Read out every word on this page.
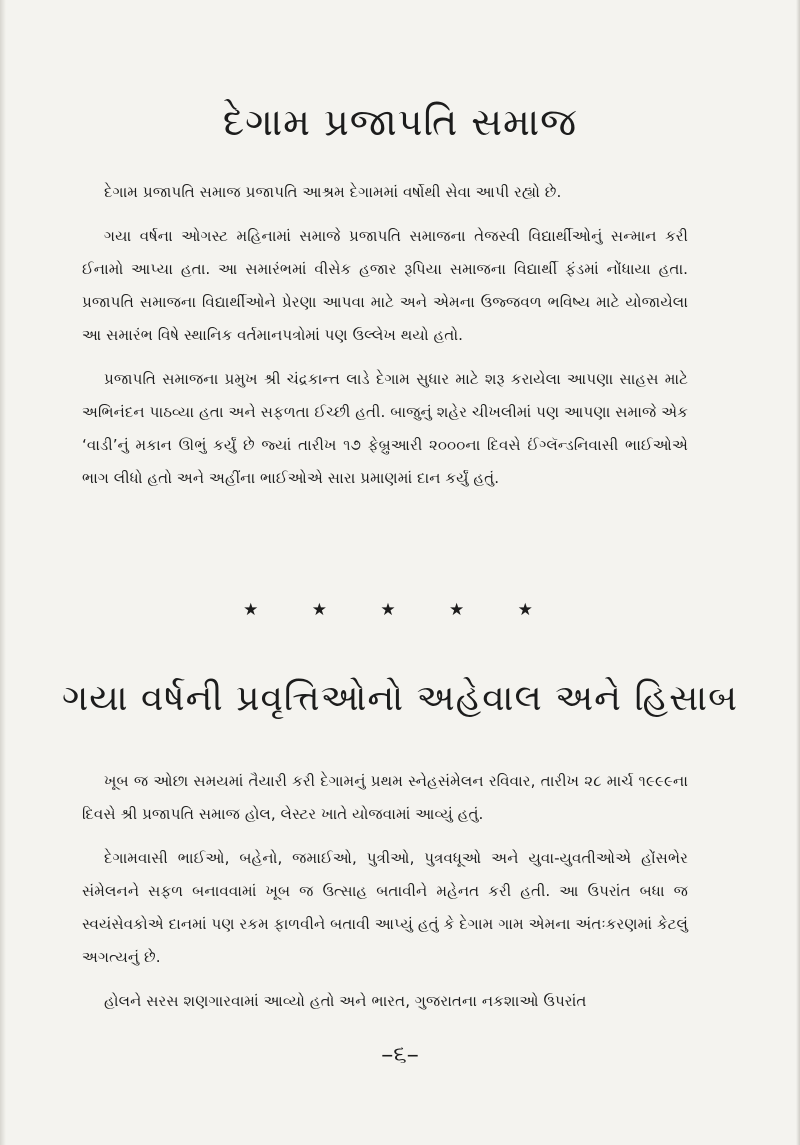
દેગામ પ્રજાપતિ સમાજ

દેગામ પ્રજાપતિ સમાજ પ્રજાપતિ આશ્રમ દેગામમાં વર્ષોથી સેવા આપી રહ્યો છે.

ગયા વર્ષના ઓગસ્ટ મહિનામાં સમાજે પ્રજાપતિ સમાજના તેજસ્વી વિદ્યાર્થીઓનું સન્માન કરી ઈનામો આપ્યા હતા. આ સમારંભમાં વીસેક હજાર રૂપિયા સમાજના વિદ્યાર્થી ફંડમાં નોંધાયા હતા. પ્રજાપતિ સમાજના વિદ્યાર્થીઓને પ્રેરણા આપવા માટે અને એમના ઉજ્જવળ ભવિષ્ય માટે યોજાયેલા આ સમારંભ વિષે સ્થાનિક વર્તમાનપત્રોમાં પણ ઉલ્લેખ થયો હતો.

પ્રજાપતિ સમાજના પ્રમુખ શ્રી ચંદ્રકાન્ત લાડે દેગામ સુધાર માટે શરૂ કરાયેલા આપણા સાહસ માટે અભિનંદન પાઠવ્યા હતા અને સફળતા ઈચ્છી હતી. બાજુનું શહેર ચીખલીમાં પણ આપણા સમાજે એક ‘વાડી’નું મકાન ઊભું કર્યું છે જ્યાં તારીખ ૧૭ ફેબ્રુઆરી ૨૦૦૦ના દિવસે ઈંગ્લૅન્ડનિવાસી ભાઈઓએ ભાગ લીધો હતો અને અહીંના ભાઈઓએ સારા પ્રમાણમાં દાન કર્યું હતું.

★ ★ ★ ★ ★
ગયા વર્ષની પ્રવૃત્તિઓનો અહેવાલ અને હિસાબ

ખૂબ જ ઓછા સમયમાં તૈયારી કરી દેગામનું પ્રથમ સ્નેહસંમેલન રવિવાર, તારીખ ૨૮ માર્ચ ૧૯૯૯ના દિવસે શ્રી પ્રજાપતિ સમાજ હોલ, લેસ્ટર ખાતે યોજવામાં આવ્યું હતું.

દેગામવાસી ભાઈઓ, બહેનો, જમાઈઓ, પુત્રીઓ, પુત્રવધૂઓ અને યુવા-યુવતીઓએ હોંસભેર સંમેલનને સફળ બનાવવામાં ખૂબ જ ઉત્સાહ બતાવીને મહેનત કરી હતી. આ ઉપરાંત બધા જ સ્વયંસેવકોએ દાનમાં પણ રકમ ફાળવીને બતાવી આપ્યું હતું કે દેગામ ગામ એમના અંતઃકરણમાં કેટલું અગત્યનું છે.

હોલને સરસ શણગારવામાં આવ્યો હતો અને ભારત, ગુજરાતના નકશાઓ ઉપરાંત

–૬–
